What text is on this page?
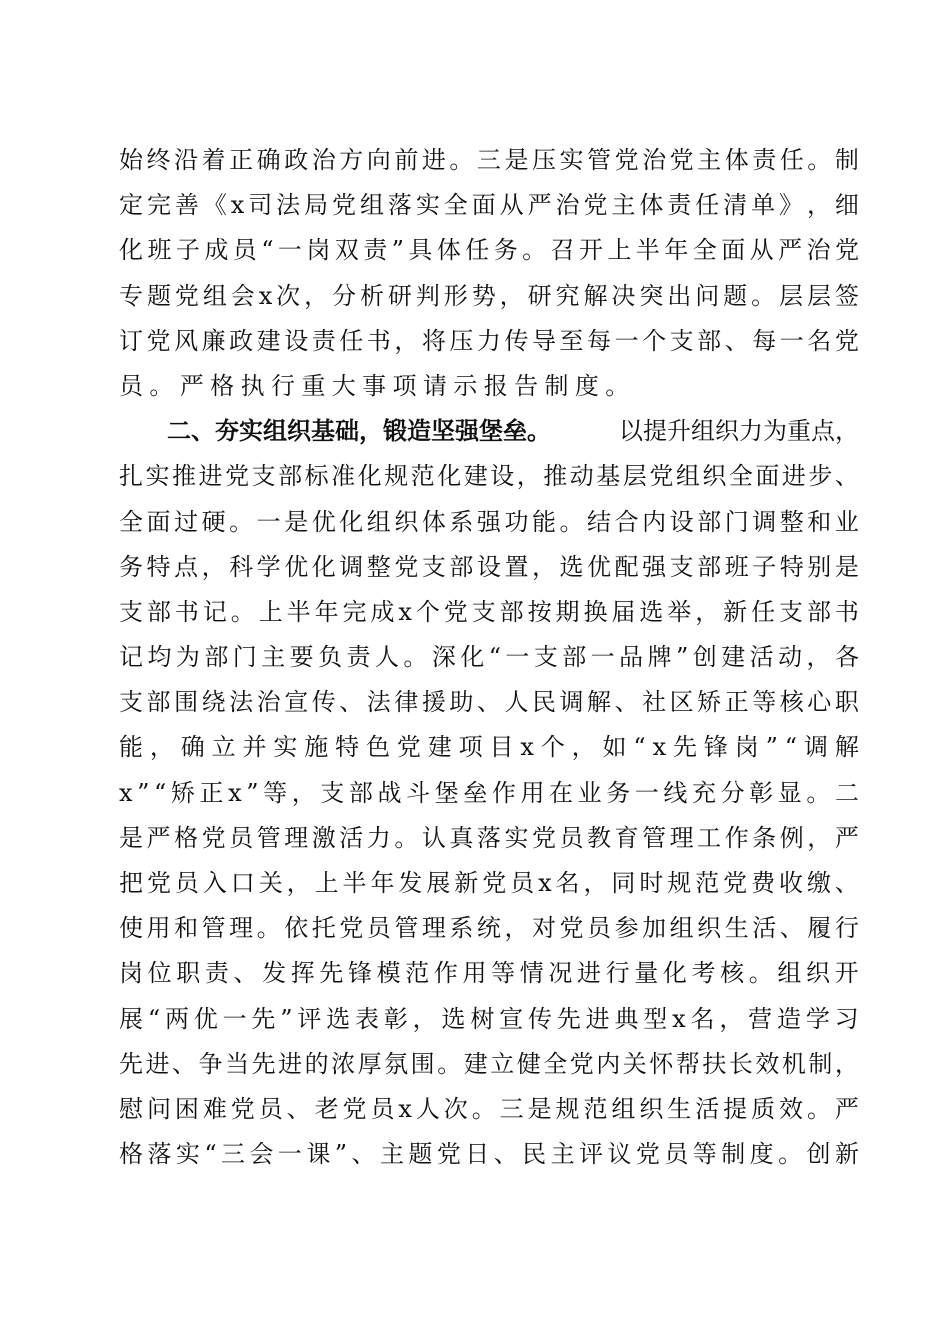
始 终 沿 着 正 确 政 治 方 向 前 进 。 三 是 压 实 管 党 治 党 主 体 责 任 。 制
定 完 善 《 x 司 法 局 党 组 落 实 全 面 从 严 治 党 主 体 责 任 清 单 》 ， 细
化 班 子 成 员 “ 一 岗 双 责 ” 具 体 任 务 。 召 开 上 半 年 全 面 从 严 治 党
专 题 党 组 会 x 次 ， 分 析 研 判 形 势 ， 研 究 解 决 突 出 问 题 。 层 层 签
订 党 风 廉 政 建 设 责 任 书 ， 将 压 力 传 导 至 每 一 个 支 部 、 每 一 名 党
员 。 严 格 执 行 重 大 事 项 请 示 报 告 制 度 。
二、夯实组织基础，锻造坚强堡垒。	以提升组织力为重点，
扎 实 推 进 党 支 部 标 准 化 规 范 化 建 设 ， 推 动 基 层 党 组 织 全 面 进 步 、
全 面 过 硬 。 一 是 优 化 组 织 体 系 强 功 能 。 结 合 内 设 部 门 调 整 和 业
务 特 点 ， 科 学 优 化 调 整 党 支 部 设 置 ， 选 优 配 强 支 部 班 子 特 别 是
支 部 书 记 。 上 半 年 完 成 x 个 党 支 部 按 期 换 届 选 举 ， 新 任 支 部 书
记 均 为 部 门 主 要 负 责 人 。 深 化 “ 一 支 部 一 品 牌 ” 创 建 活 动 ， 各
支 部 围 绕 法 治 宣 传 、 法 律 援 助 、 人 民 调 解 、 社 区 矫 正 等 核 心 职
能 ， 确 立 并 实 施 特 色 党 建 项 目 x 个 ， 如 “ x 先 锋 岗 ” “ 调 解
x ” “ 矫 正 x ” 等 ， 支 部 战 斗 堡 垒 作 用 在 业 务 一 线 充 分 彰 显 。 二
是 严 格 党 员 管 理 激 活 力 。 认 真 落 实 党 员 教 育 管 理 工 作 条 例 ， 严
把 党 员 入 口 关 ， 上 半 年 发 展 新 党 员 x 名 ， 同 时 规 范 党 费 收 缴 、
使 用 和 管 理 。 依 托 党 员 管 理 系 统 ， 对 党 员 参 加 组 织 生 活 、 履 行
岗 位 职 责 、 发 挥 先 锋 模 范 作 用 等 情 况 进 行 量 化 考 核 。 组 织 开
展 “ 两 优 一 先 ” 评 选 表 彰 ， 选 树 宣 传 先 进 典 型 x 名 ， 营 造 学 习
先 进 、 争 当 先 进 的 浓 厚 氛 围 。 建 立 健 全 党 内 关 怀 帮 扶 长 效 机 制 ，
慰 问 困 难 党 员 、 老 党 员 x 人 次 。 三 是 规 范 组 织 生 活 提 质 效 。 严
格 落 实 “ 三 会 一 课 ” 、 主 题 党 日 、 民 主 评 议 党 员 等 制 度 。 创 新
